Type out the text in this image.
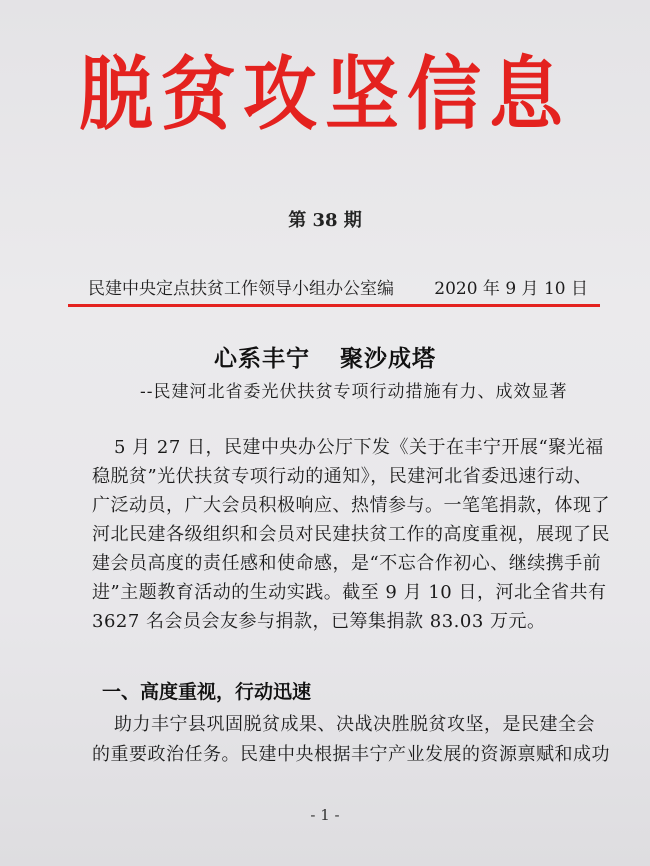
脱贫攻坚信息
第 38 期
民建中央定点扶贫工作领导小组办公室编 2020 年 9 月 10 日
心系丰宁 聚沙成塔
--民建河北省委光伏扶贫专项行动措施有力、成效显著

5 月 27 日，民建中央办公厅下发《关于在丰宁开展“聚光福

稳脱贫”光伏扶贫专项行动的通知》，民建河北省委迅速行动、

广泛动员，广大会员积极响应、热情参与。一笔笔捐款，体现了

河北民建各级组织和会员对民建扶贫工作的高度重视，展现了民

建会员高度的责任感和使命感，是“不忘合作初心、继续携手前

进”主题教育活动的生动实践。截至 9 月 10 日，河北全省共有

3627 名会员会友参与捐款，已筹集捐款 83.03 万元。

一、高度重视，行动迅速

助力丰宁县巩固脱贫成果、决战决胜脱贫攻坚，是民建全会

的重要政治任务。民建中央根据丰宁产业发展的资源禀赋和成功

- 1 -
